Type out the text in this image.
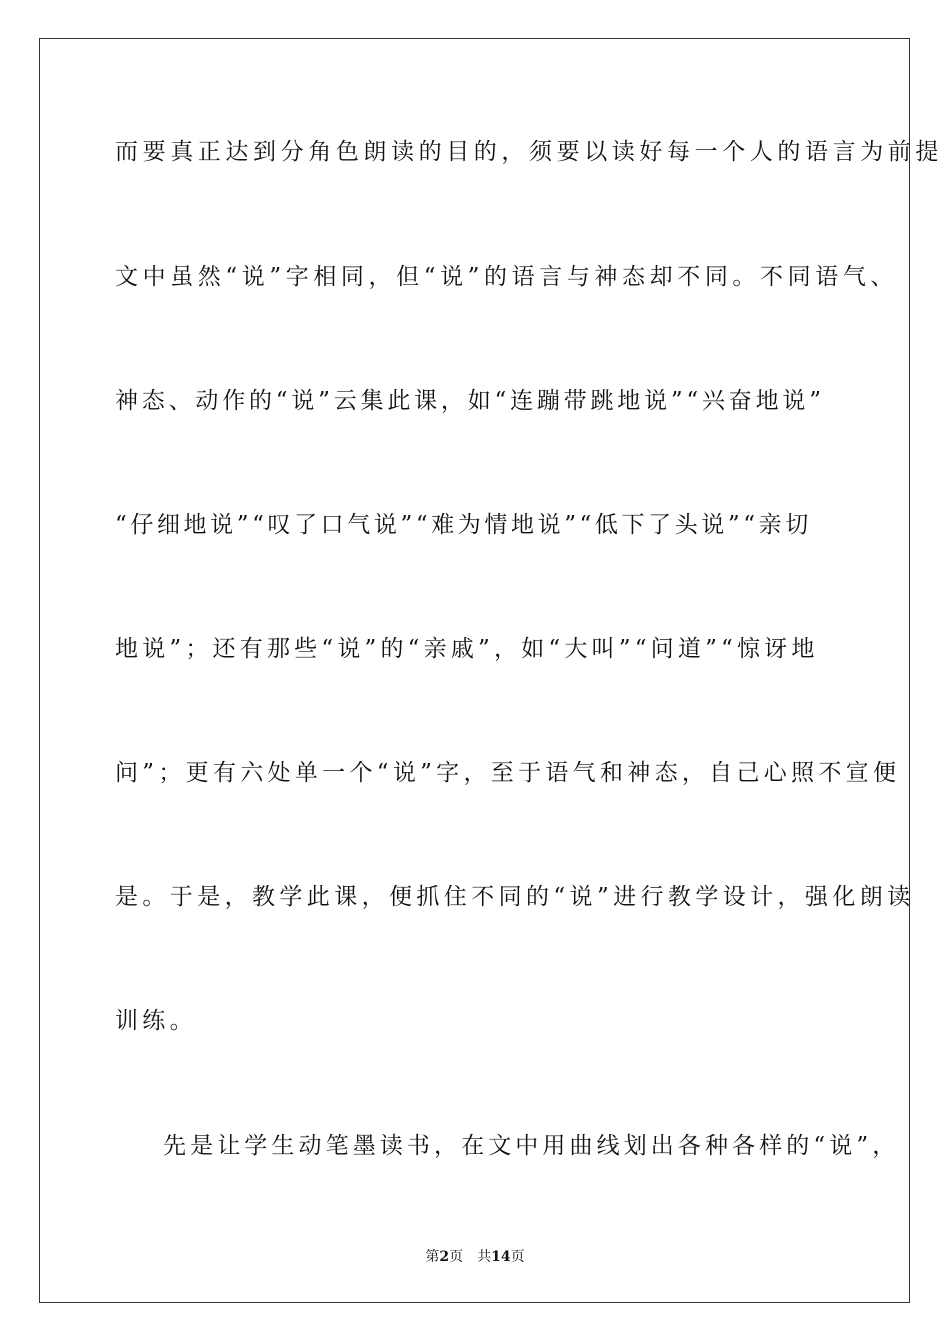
而要真正达到分角色朗读的目的，须要以读好每一个人的语言为前提
文中虽然“说”字相同，但“说”的语言与神态却不同。不同语气、
神态、动作的“说”云集此课，如“连蹦带跳地说”“兴奋地说”
“仔细地说”“叹了口气说”“难为情地说”“低下了头说”“亲切
地说”；还有那些“说”的“亲戚”，如“大叫”“问道”“惊讶地
问”；更有六处单一个“说”字，至于语气和神态，自己心照不宣便
是。于是，教学此课，便抓住不同的“说”进行教学设计，强化朗读
训练。
先是让学生动笔墨读书，在文中用曲线划出各种各样的“说”，
第2页 共14页
